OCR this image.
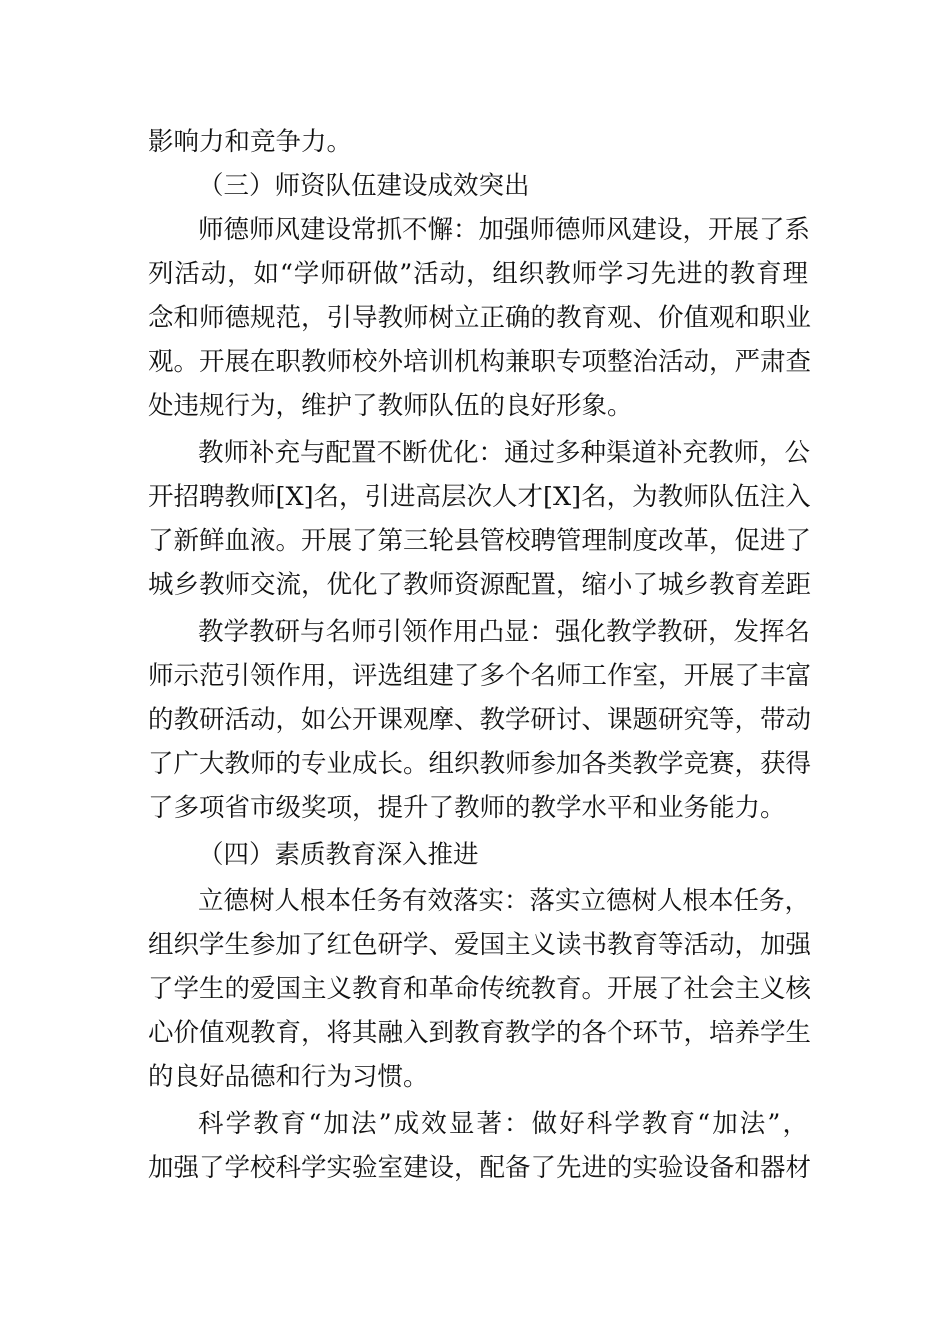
影响力和竞争力。
（三）师资队伍建设成效突出
师德师风建设常抓不懈：加强师德师风建设，开展了系
列活动，如“学师研做”活动，组织教师学习先进的教育理
念和师德规范，引导教师树立正确的教育观、价值观和职业
观。开展在职教师校外培训机构兼职专项整治活动，严肃查
处违规行为，维护了教师队伍的良好形象。
教师补充与配置不断优化：通过多种渠道补充教师，公
开招聘教师[X]名，引进高层次人才[X]名，为教师队伍注入
了新鲜血液。开展了第三轮县管校聘管理制度改革，促进了
城乡教师交流，优化了教师资源配置，缩小了城乡教育差距
教学教研与名师引领作用凸显：强化教学教研，发挥名
师示范引领作用，评选组建了多个名师工作室，开展了丰富
的教研活动，如公开课观摩、教学研讨、课题研究等，带动
了广大教师的专业成长。组织教师参加各类教学竞赛，获得
了多项省市级奖项，提升了教师的教学水平和业务能力。
（四）素质教育深入推进
立德树人根本任务有效落实：落实立德树人根本任务，
组织学生参加了红色研学、爱国主义读书教育等活动，加强
了学生的爱国主义教育和革命传统教育。开展了社会主义核
心价值观教育，将其融入到教育教学的各个环节，培养学生
的良好品德和行为习惯。
科学教育“加法”成效显著：做好科学教育“加法”，
加强了学校科学实验室建设，配备了先进的实验设备和器材
